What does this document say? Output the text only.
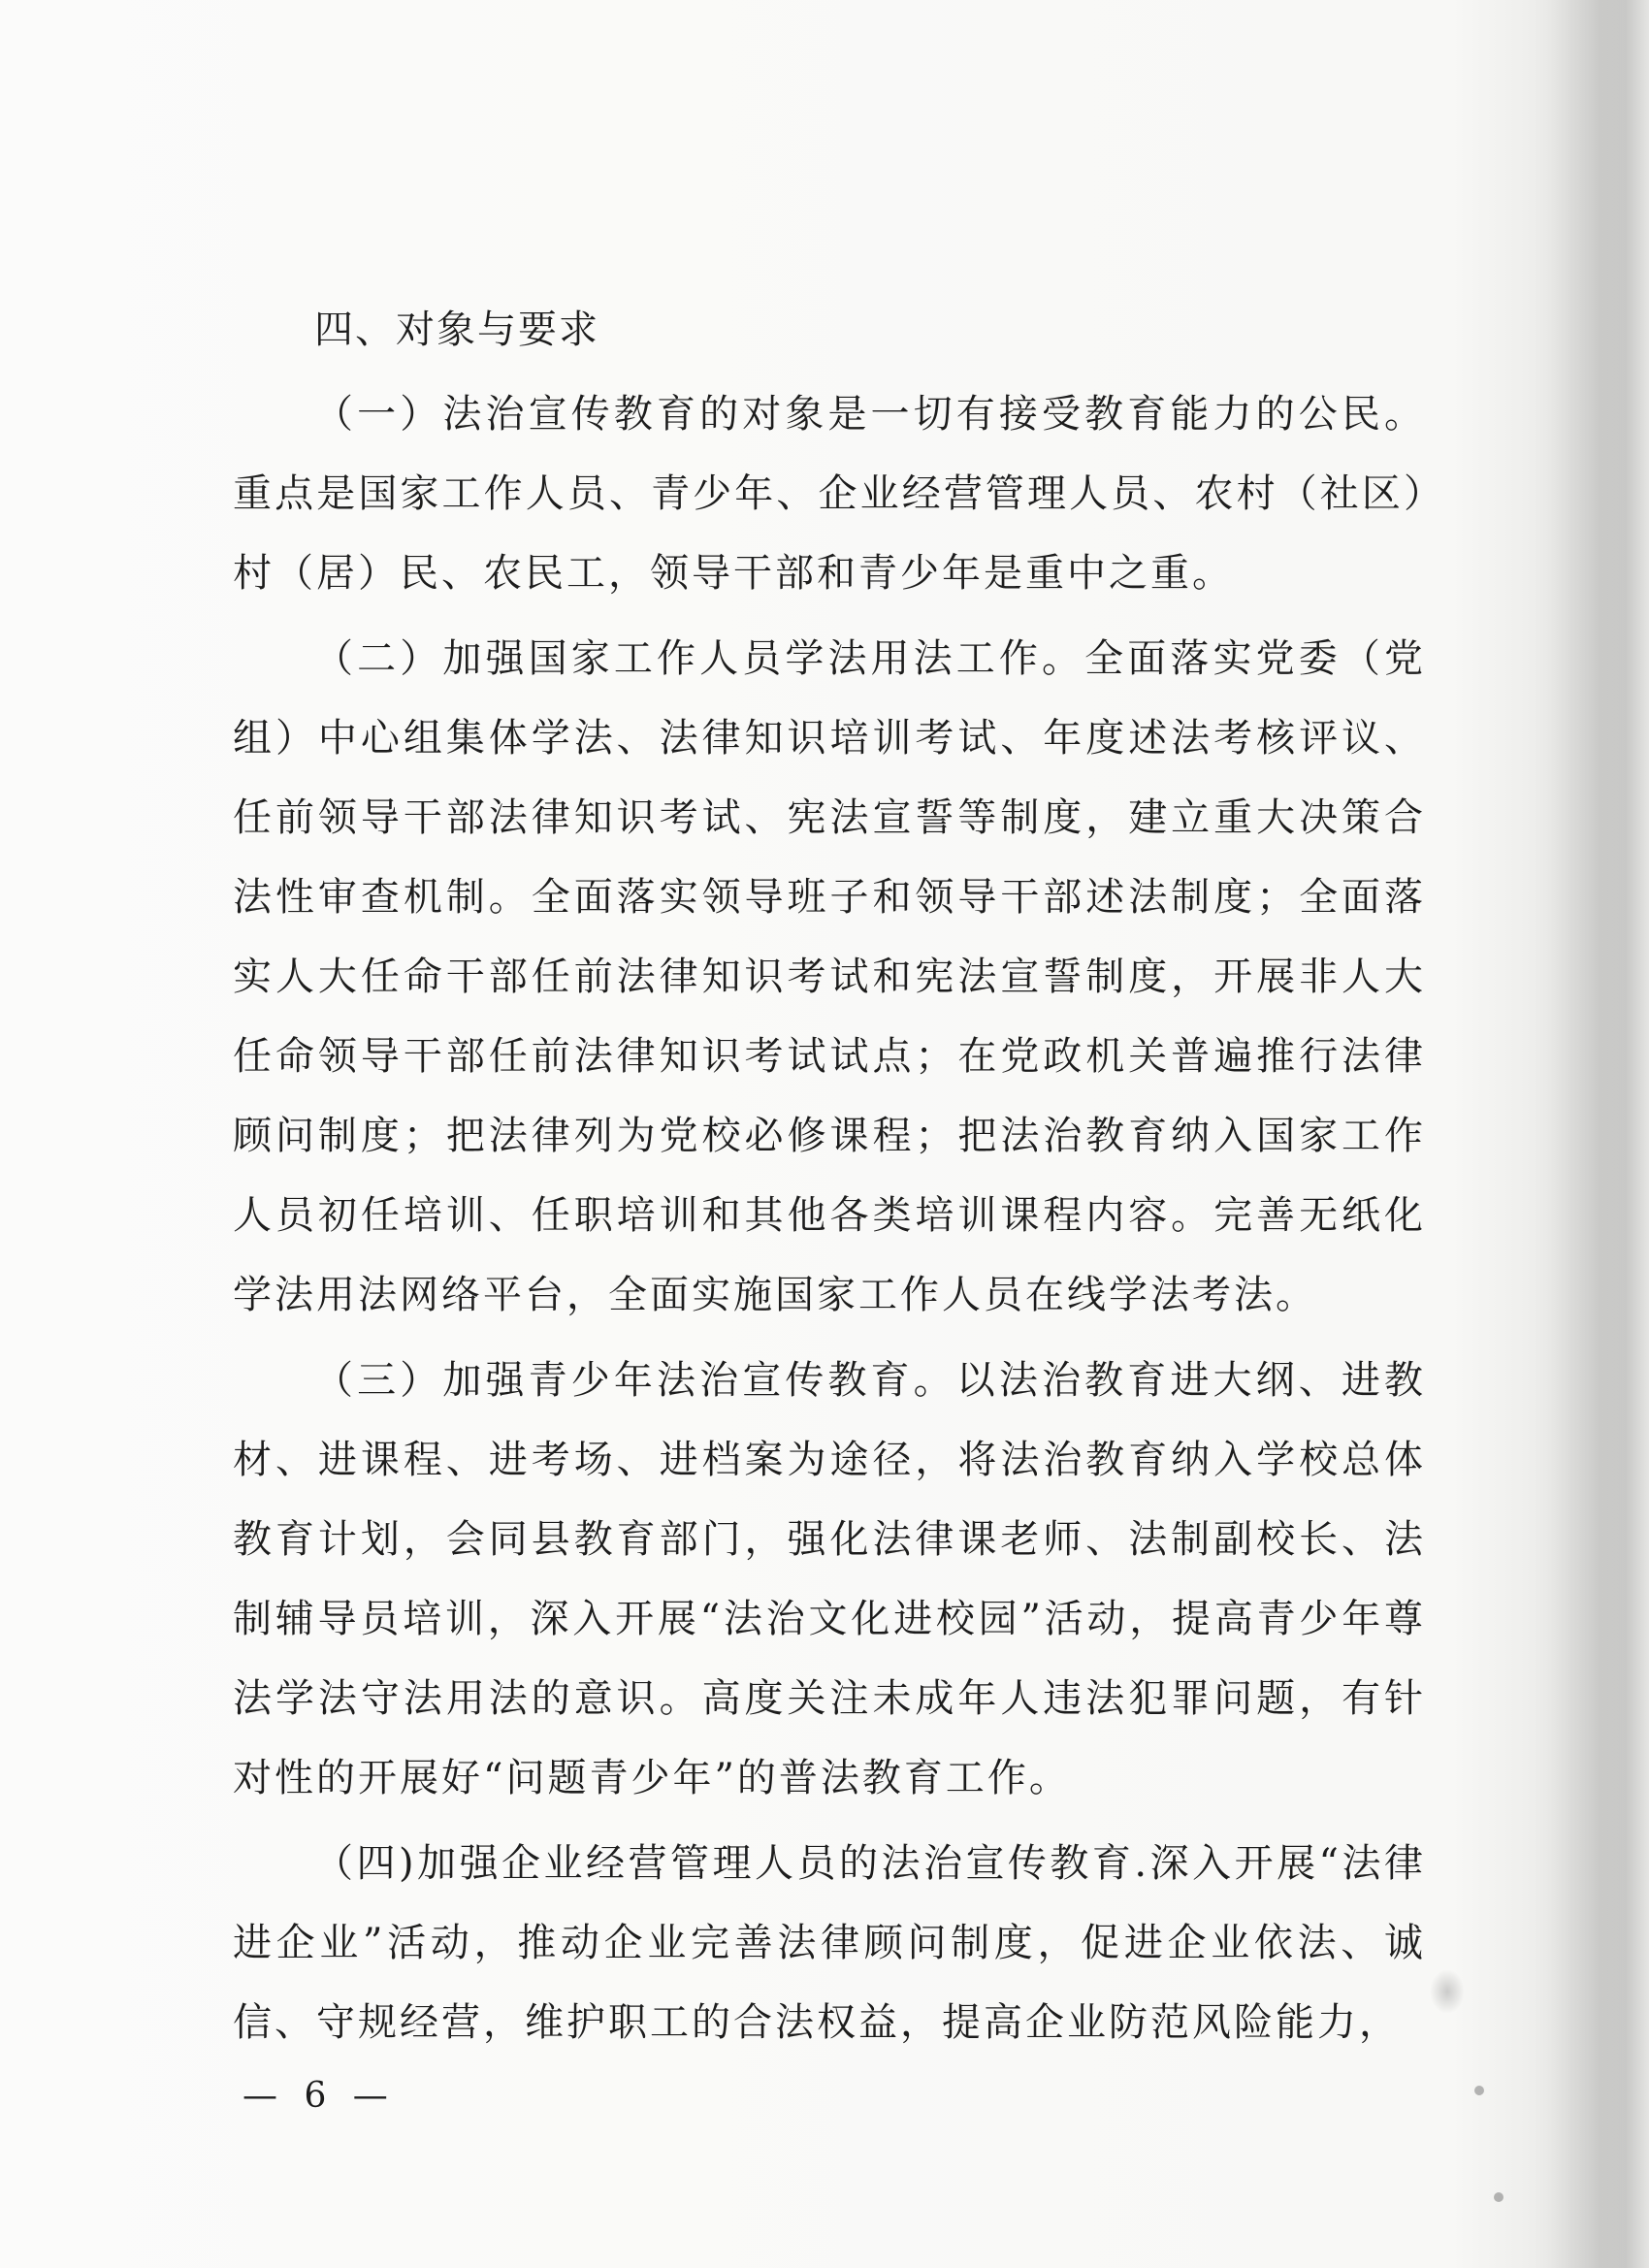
四、对象与要求

（一）法治宣传教育的对象是一切有接受教育能力的公民。重点是国家工作人员、青少年、企业经营管理人员、农村（社区）村（居）民、农民工，领导干部和青少年是重中之重。

（二）加强国家工作人员学法用法工作。全面落实党委（党组）中心组集体学法、法律知识培训考试、年度述法考核评议、任前领导干部法律知识考试、宪法宣誓等制度，建立重大决策合法性审查机制。全面落实领导班子和领导干部述法制度；全面落实人大任命干部任前法律知识考试和宪法宣誓制度，开展非人大任命领导干部任前法律知识考试试点；在党政机关普遍推行法律顾问制度；把法律列为党校必修课程；把法治教育纳入国家工作人员初任培训、任职培训和其他各类培训课程内容。完善无纸化学法用法网络平台，全面实施国家工作人员在线学法考法。

（三）加强青少年法治宣传教育。以法治教育进大纲、进教材、进课程、进考场、进档案为途径，将法治教育纳入学校总体教育计划，会同县教育部门，强化法律课老师、法制副校长、法制辅导员培训，深入开展“法治文化进校园”活动，提高青少年尊法学法守法用法的意识。高度关注未成年人违法犯罪问题，有针对性的开展好“问题青少年”的普法教育工作。

（四)加强企业经营管理人员的法治宣传教育.深入开展“法律进企业”活动，推动企业完善法律顾问制度，促进企业依法、诚信、守规经营，维护职工的合法权益，提高企业防范风险能力，

— 6 —
